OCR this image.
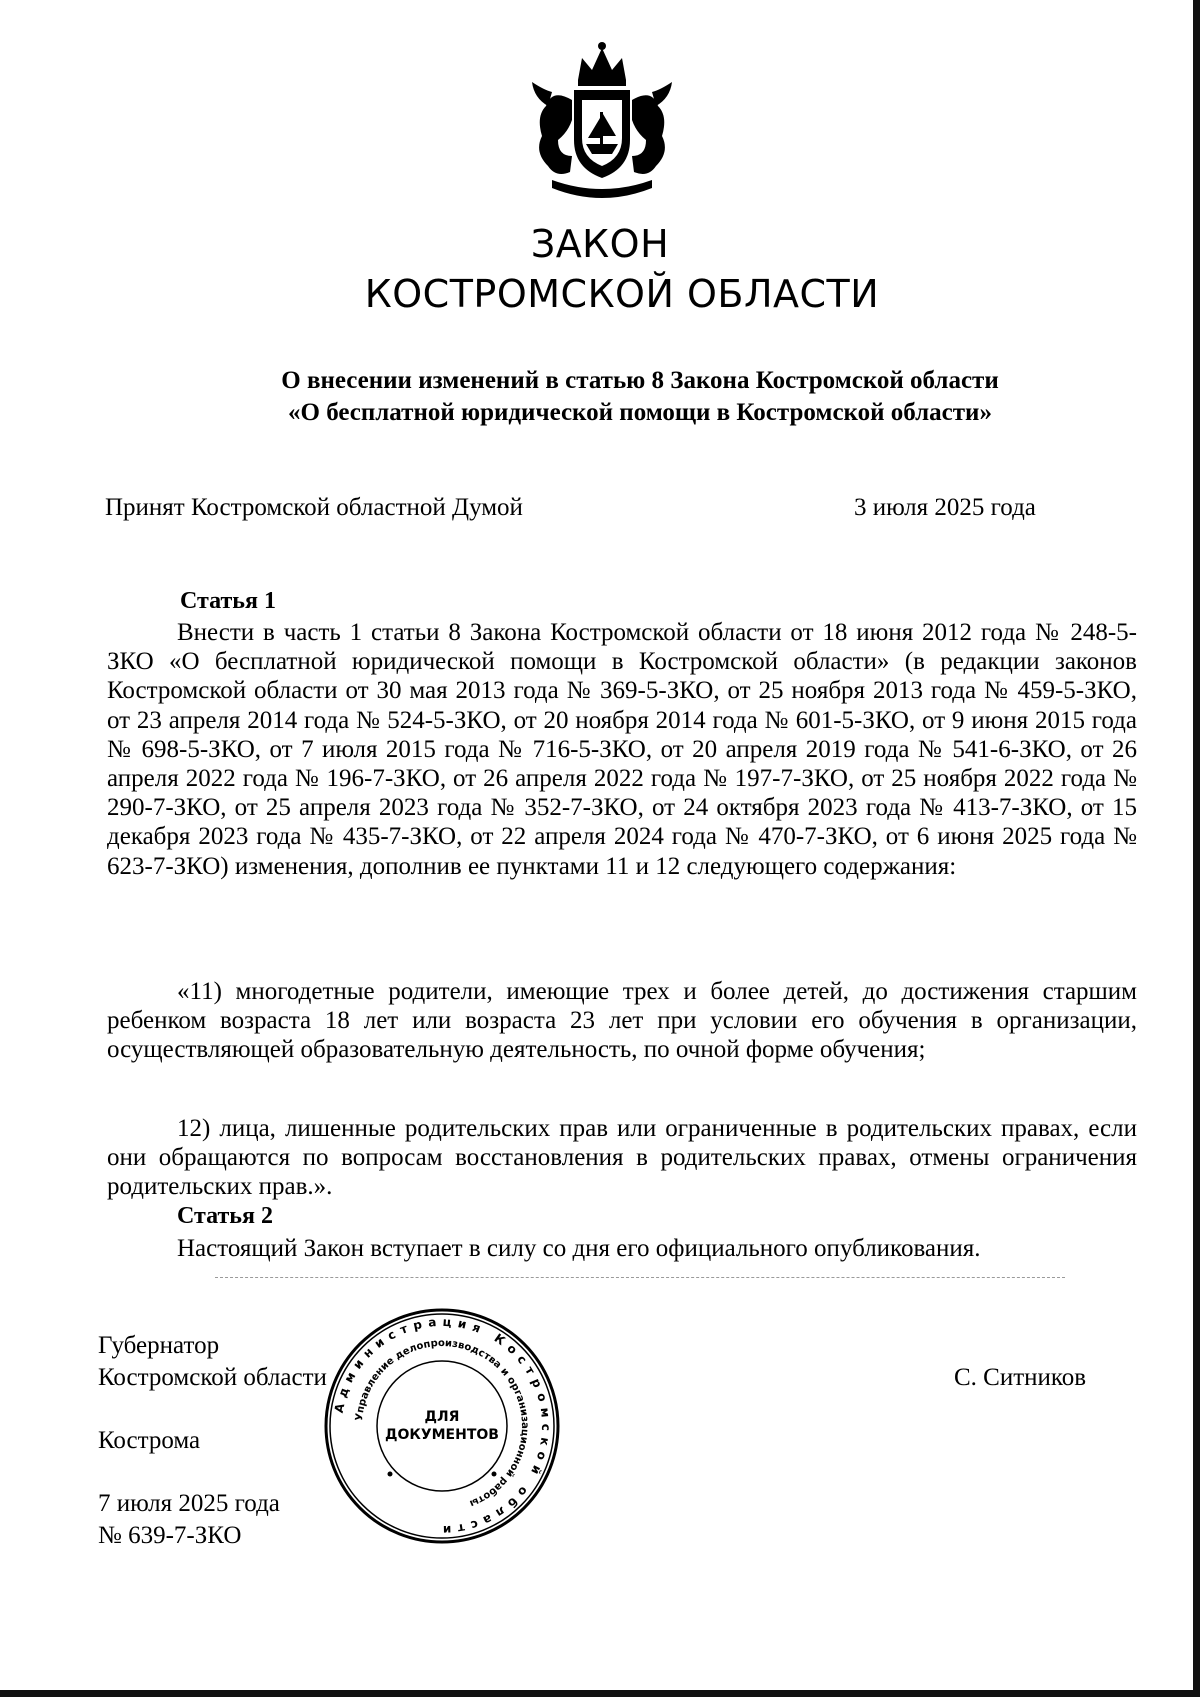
ЗАКОН
КОСТРОМСКОЙ ОБЛАСТИ
О внесении изменений в статью 8 Закона Костромской области
«О бесплатной юридической помощи в Костромской области»
Принят Костромской областной Думой	3 июля 2025 года
Статья 1

Внести в часть 1 статьи 8 Закона Костромской области от 18 июня 2012 года № 248-5-ЗКО «О бесплатной юридической помощи в Костромской области» (в редакции законов Костромской области от 30 мая 2013 года № 369-5-ЗКО, от 25 ноября 2013 года № 459-5-ЗКО, от 23 апреля 2014 года № 524-5-ЗКО, от 20 ноября 2014 года № 601-5-ЗКО, от 9 июня 2015 года № 698-5-ЗКО, от 7 июля 2015 года № 716-5-ЗКО, от 20 апреля 2019 года № 541-6-ЗКО, от 26 апреля 2022 года № 196-7-ЗКО, от 26 апреля 2022 года № 197-7-ЗКО, от 25 ноября 2022 года № 290-7-ЗКО, от 25 апреля 2023 года № 352-7-ЗКО, от 24 октября 2023 года № 413-7-ЗКО, от 15 декабря 2023 года № 435-7-ЗКО, от 22 апреля 2024 года № 470-7-ЗКО, от 6 июня 2025 года № 623-7-ЗКО) изменения, дополнив ее пунктами 11 и 12 следующего содержания:

«11) многодетные родители, имеющие трех и более детей, до достижения старшим ребенком возраста 18 лет или возраста 23 лет при условии его обучения в организации, осуществляющей образовательную деятельность, по очной форме обучения;

12) лица, лишенные родительских прав или ограниченные в родительских правах, если они обращаются по вопросам восстановления в родительских правах, отмены ограничения родительских прав.».

Статья 2

Настоящий Закон вступает в силу со дня его официального опубликования.

Губернатор
Костромской области	С. Ситников
Кострома
7 июля 2025 года
№ 639-7-ЗКО
Администрация Костромской области
Управление делопроизводства и организационной работы
ДЛЯ
ДОКУМЕНТОВ
